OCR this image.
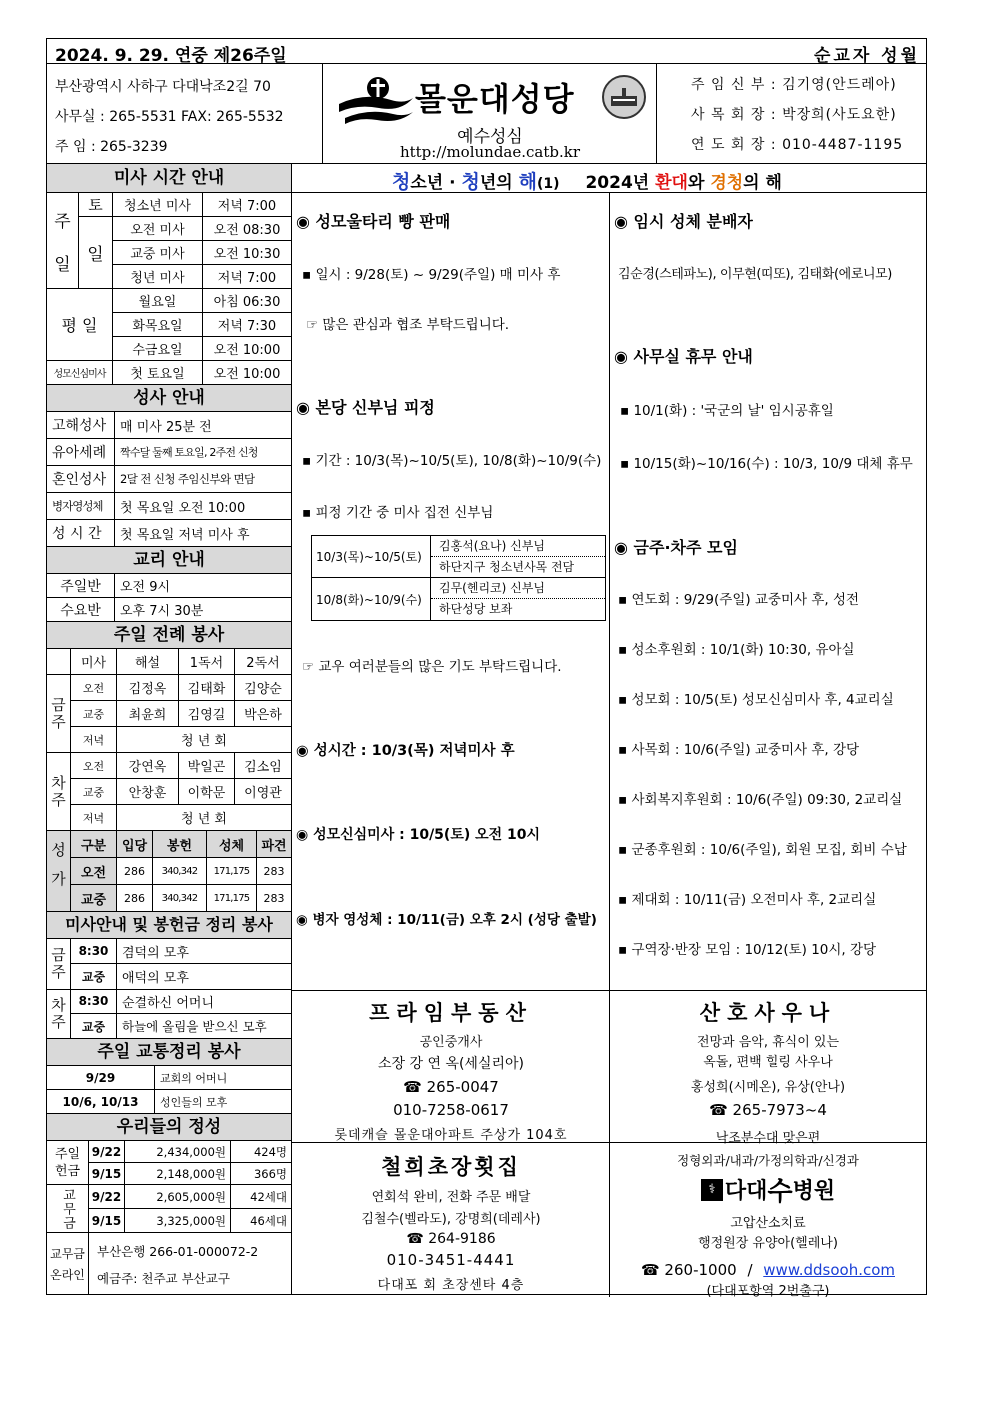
2024. 9. 29. 연중 제26주일	순교자 성월
부산광역시 사하구 다대낙조2길 70
사무실 : 265-5531 FAX: 265-5532
주 임 : 265-3239
몰운대성당
예수성심
http://molundae.catb.kr
주 임 신 부 : 김기영(안드레아)
사 목 회 장 : 박장희(사도요한)
연 도 회 장 : 010-4487-1195
청소년 · 청년의 해(1) 2024년 환대와 경청의 해
미사 시간 안내
주
일
토
일
청소년 미사	저녁 7:00
오전 미사	오전 08:30
교중 미사	오전 10:30
청년 미사	저녁 7:00
평 일
월요일	아침 06:30
화목요일	저녁 7:30
수금요일	오전 10:00
성모신심미사	첫 토요일	오전 10:00
성사 안내
고해성사	매 미사 25분 전
유아세례	짝수달 둘째 토요일, 2주전 신청
혼인성사	2달 전 신청 주임신부와 면담
병자영성체	첫 목요일 오전 10:00
성 시 간	첫 목요일 저녁 미사 후
교리 안내
주일반	오전 9시
수요반	오후 7시 30분
주일 전례 봉사
미사	해설	1독서	2독서
금주
오전	김정옥	김태화	김양순
교중	최윤희	김영길	박은하
저녁	청 년 회
차주
오전	강연옥	박일곤	김소임
교중	안창훈	이학문	이영관
저녁	청 년 회
성가	구분	입당	봉헌	성체	파견
오전	286	340,342	171,175	283
교중	286	340,342	171,175	283
미사안내 및 봉헌금 정리 봉사
금주 8:30	겸덕의 모후
교중	애덕의 모후
차주 8:30	순결하신 어머니
교중	하늘에 올림을 받으신 모후
주일 교통정리 봉사
9/29	교회의 어머니
10/6, 10/13	성인들의 모후
우리들의 정성
주일헌금
9/22	2,434,000원	424명
9/15	2,148,000원	366명
교무금	9/22	2,605,000원	42세대
9/15	3,325,000원	46세대
교무금
온라인
부산은행 266-01-000072-2
예금주: 천주교 부산교구
◉ 성모울타리 빵 판매
▪ 일시 : 9/28(토) ~ 9/29(주일) 매 미사 후
☞ 많은 관심과 협조 부탁드립니다.
◉ 본당 신부님 피정
▪ 기간 : 10/3(목)~10/5(토), 10/8(화)~10/9(수)
▪ 피정 기간 중 미사 집전 신부님
10/3(목)~10/5(토)
김홍석(요나) 신부님
하단지구 청소년사목 전담
10/8(화)~10/9(수)
김무(헨리코) 신부님
하단성당 보좌
☞ 교우 여러분들의 많은 기도 부탁드립니다.
◉ 성시간 : 10/3(목) 저녁미사 후
◉ 성모신심미사 : 10/5(토) 오전 10시
◉ 병자 영성체 : 10/11(금) 오후 2시 (성당 출발)
◉ 임시 성체 분배자
김순경(스테파노), 이무현(띠또), 김태화(에로니모)
◉ 사무실 휴무 안내
▪ 10/1(화) : '국군의 날' 임시공휴일
▪ 10/15(화)~10/16(수) : 10/3, 10/9 대체 휴무
◉ 금주·차주 모임
▪ 연도회 : 9/29(주일) 교중미사 후, 성전
▪ 성소후원회 : 10/1(화) 10:30, 유아실
▪ 성모회 : 10/5(토) 성모신심미사 후, 4교리실
▪ 사목회 : 10/6(주일) 교중미사 후, 강당
▪ 사회복지후원회 : 10/6(주일) 09:30, 2교리실
▪ 군종후원회 : 10/6(주일), 회원 모집, 회비 수납
▪ 제대회 : 10/11(금) 오전미사 후, 2교리실
▪ 구역장·반장 모임 : 10/12(토) 10시, 강당
프라임부동산
공인중개사
소장 강 연 옥(세실리아)
☎ 265-0047
010-7258-0617
롯데캐슬 몰운대아파트 주상가 104호
산호사우나
전망과 음악, 휴식이 있는
옥돌, 편백 힐링 사우나
홍성희(시메온), 유상(안나)
☎ 265-7973~4
낙조분수대 맞은편
철희초장횟집
연회석 완비, 전화 주문 배달
김철수(벨라도), 강명희(데레사)
☎ 264-9186
010-3451-4441
다대포 회 초장센타 4층
정형외과/내과/가정의학과/신경과
⚕ 다대 수 병원
고압산소치료
행정원장 유양아(헬레나)
☎ 260-1000 / www.ddsooh.com
(다대포항역 2번출구)
